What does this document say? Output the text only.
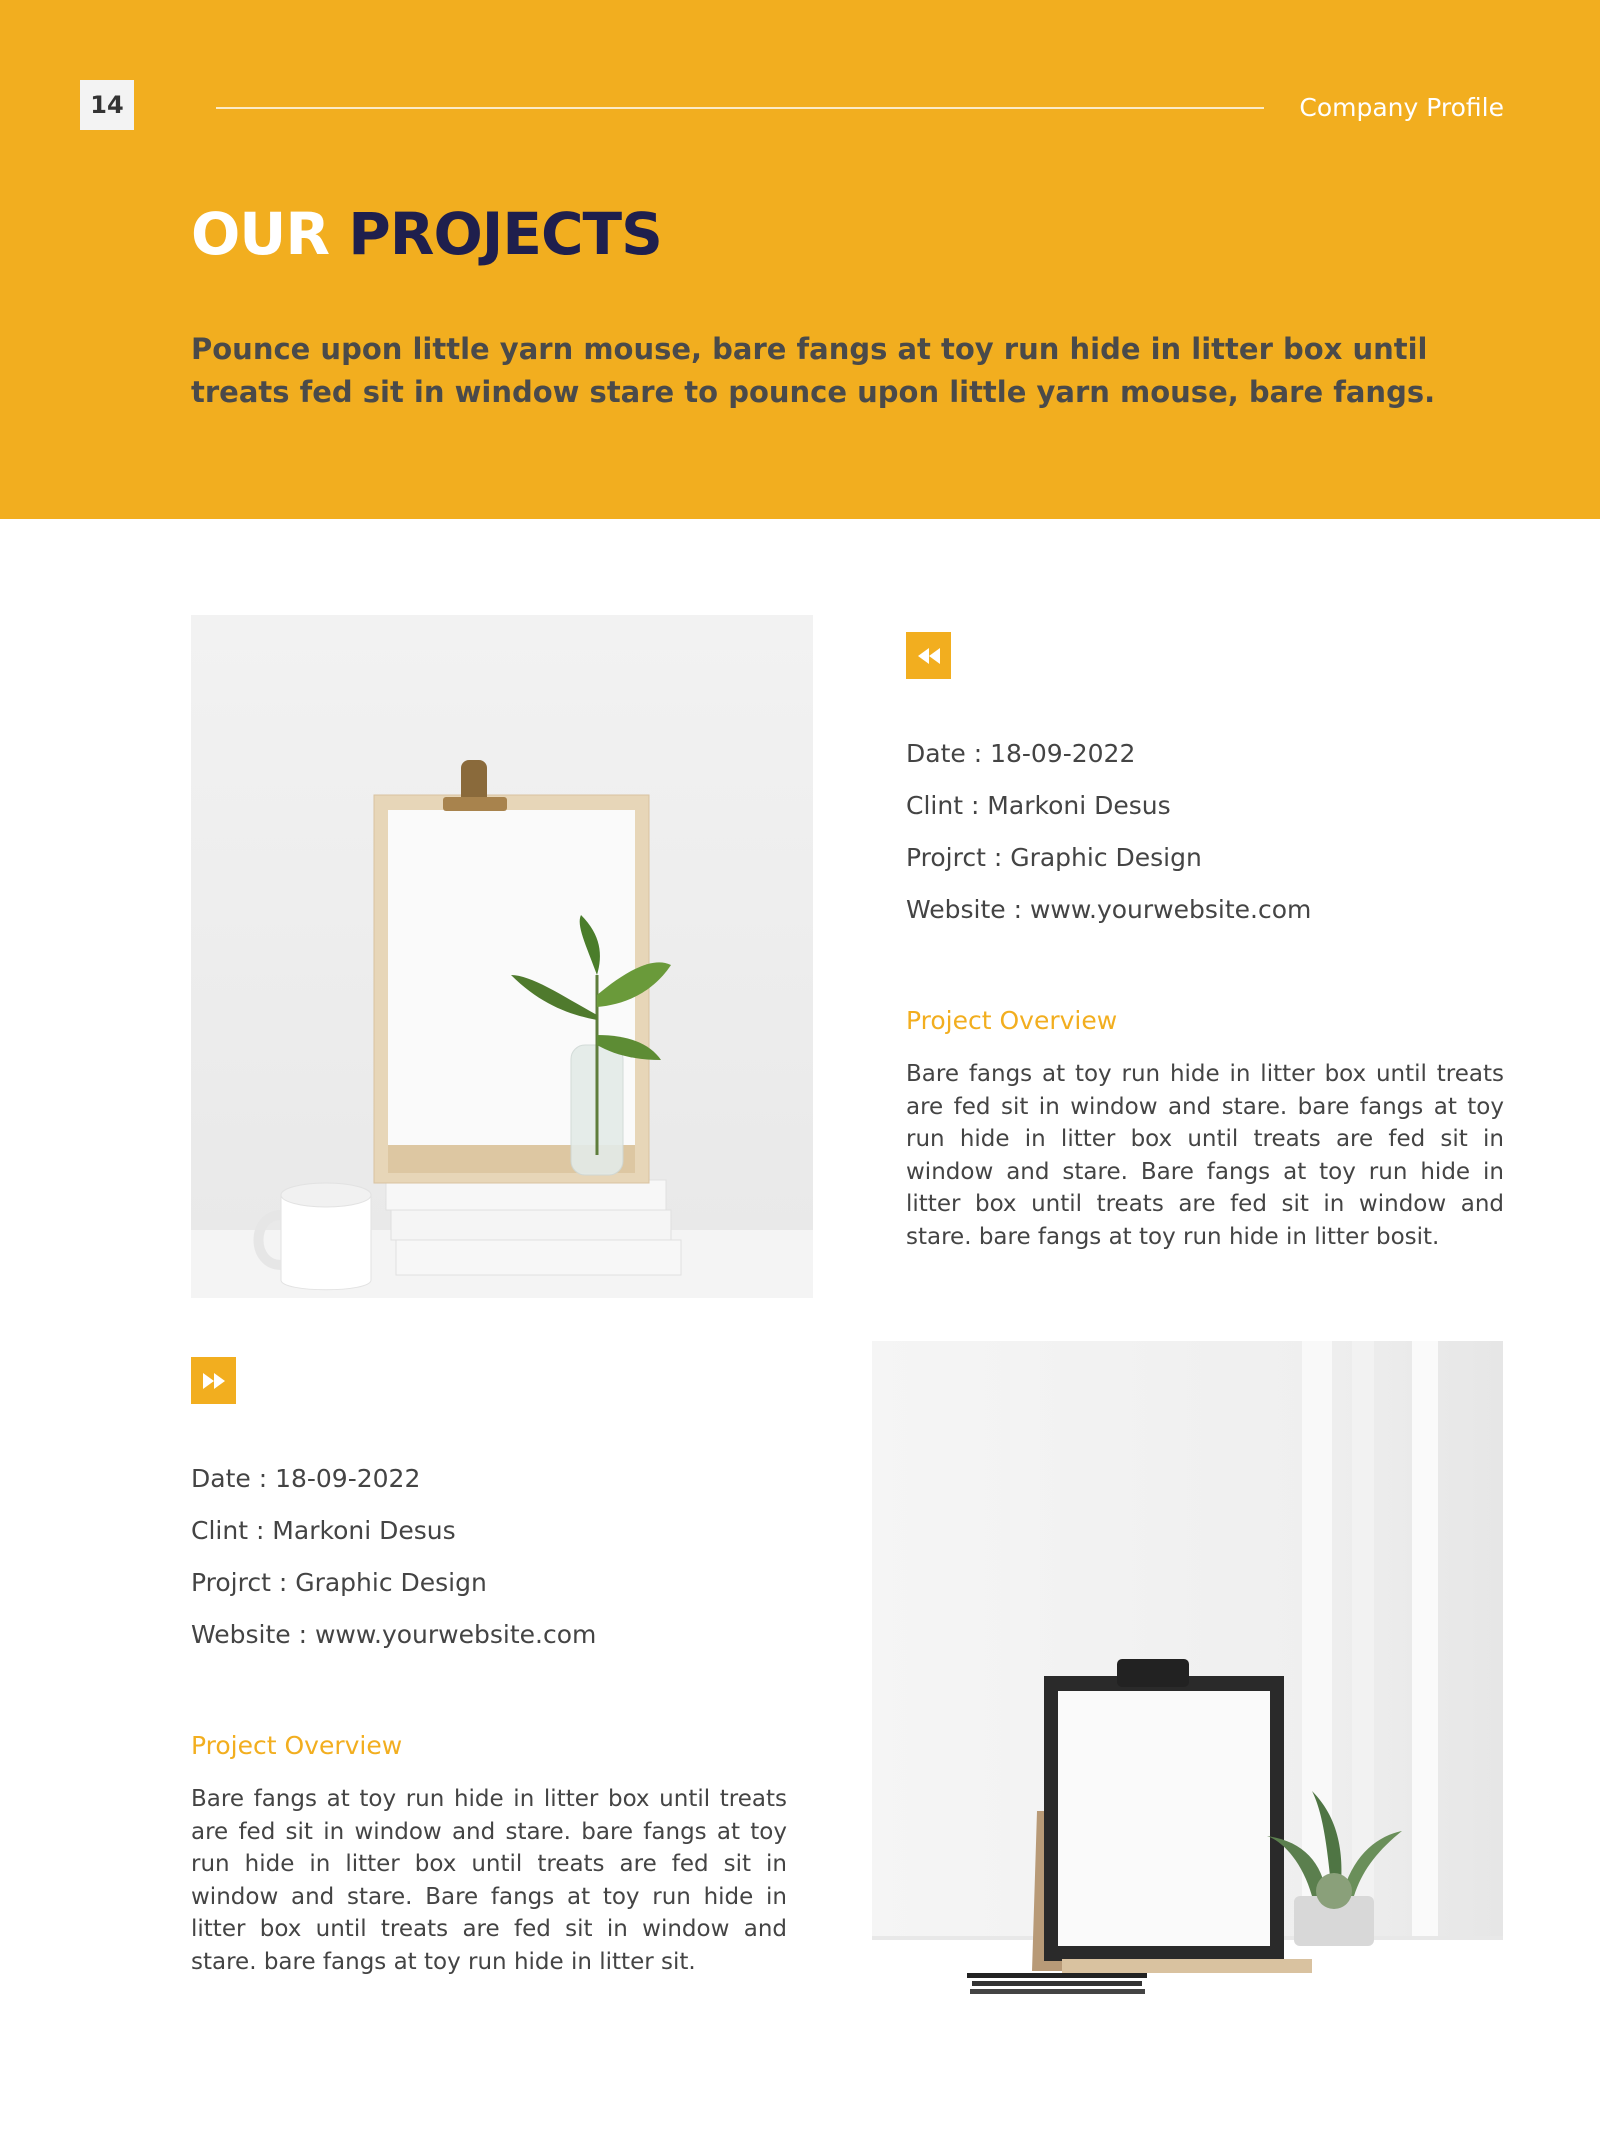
14	Company Profile
OUR PROJECTS

Pounce upon little yarn mouse, bare fangs at toy run hide in litter box until treats fed sit in window stare to pounce upon little yarn mouse, bare fangs.

Date : 18-09-2022
Clint : Markoni Desus
Projrct : Graphic Design
Website : www.yourwebsite.com
Project Overview

Bare fangs at toy run hide in litter box until treats are fed sit in window and stare. bare fangs at toy run hide in litter box until treats are fed sit in window and stare. Bare fangs at toy run hide in litter box until treats are fed sit in window and stare. bare fangs at toy run hide in litter bosit.

Date : 18-09-2022
Clint : Markoni Desus
Projrct : Graphic Design
Website : www.yourwebsite.com
Project Overview

Bare fangs at toy run hide in litter box until treats are fed sit in window and stare. bare fangs at toy run hide in litter box until treats are fed sit in window and stare. Bare fangs at toy run hide in litter box until treats are fed sit in window and stare. bare fangs at toy run hide in litter sit.
